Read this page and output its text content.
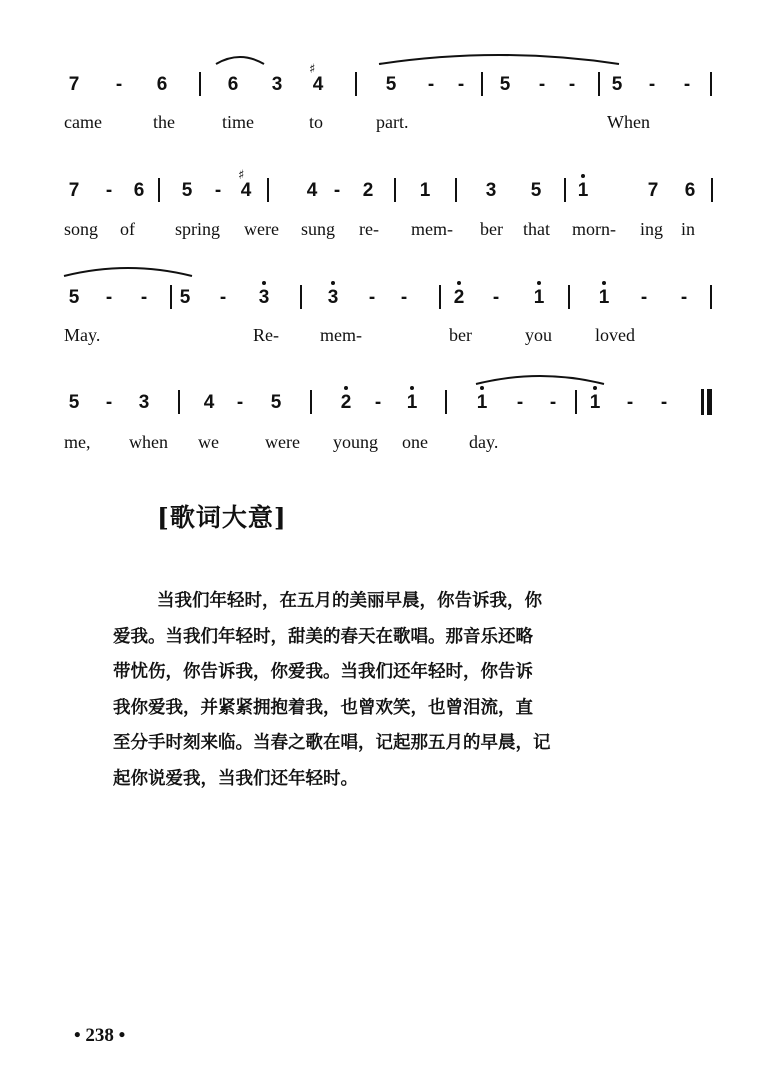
7 - 6	6 3 4	5 - - 5 - - 5 - -
♯
7 - 6 5 - 4	4 - 2 1	3 5 1	7 6
♯
5 - - 5 - 3	3 - - 2 - 1	1 - -
5 - 3	4 - 5	2 - 1	1 - - 1 - -
came	the	time	to	part.	When
song of spring were sung re- mem- ber that morn- ing in
May.	Re- mem-	ber	you loved
me, when we	were young one day.
[歌词大意]
当我们年轻时，在五月的美丽早晨，你告诉我，你
爱我。当我们年轻时，甜美的春天在歌唱。那音乐还略
带忧伤，你告诉我，你爱我。当我们还年轻时，你告诉
我你爱我，并紧紧拥抱着我，也曾欢笑，也曾泪流，直
至分手时刻来临。当春之歌在唱，记起那五月的早晨，记
起你说爱我，当我们还年轻时。
• 238 •
